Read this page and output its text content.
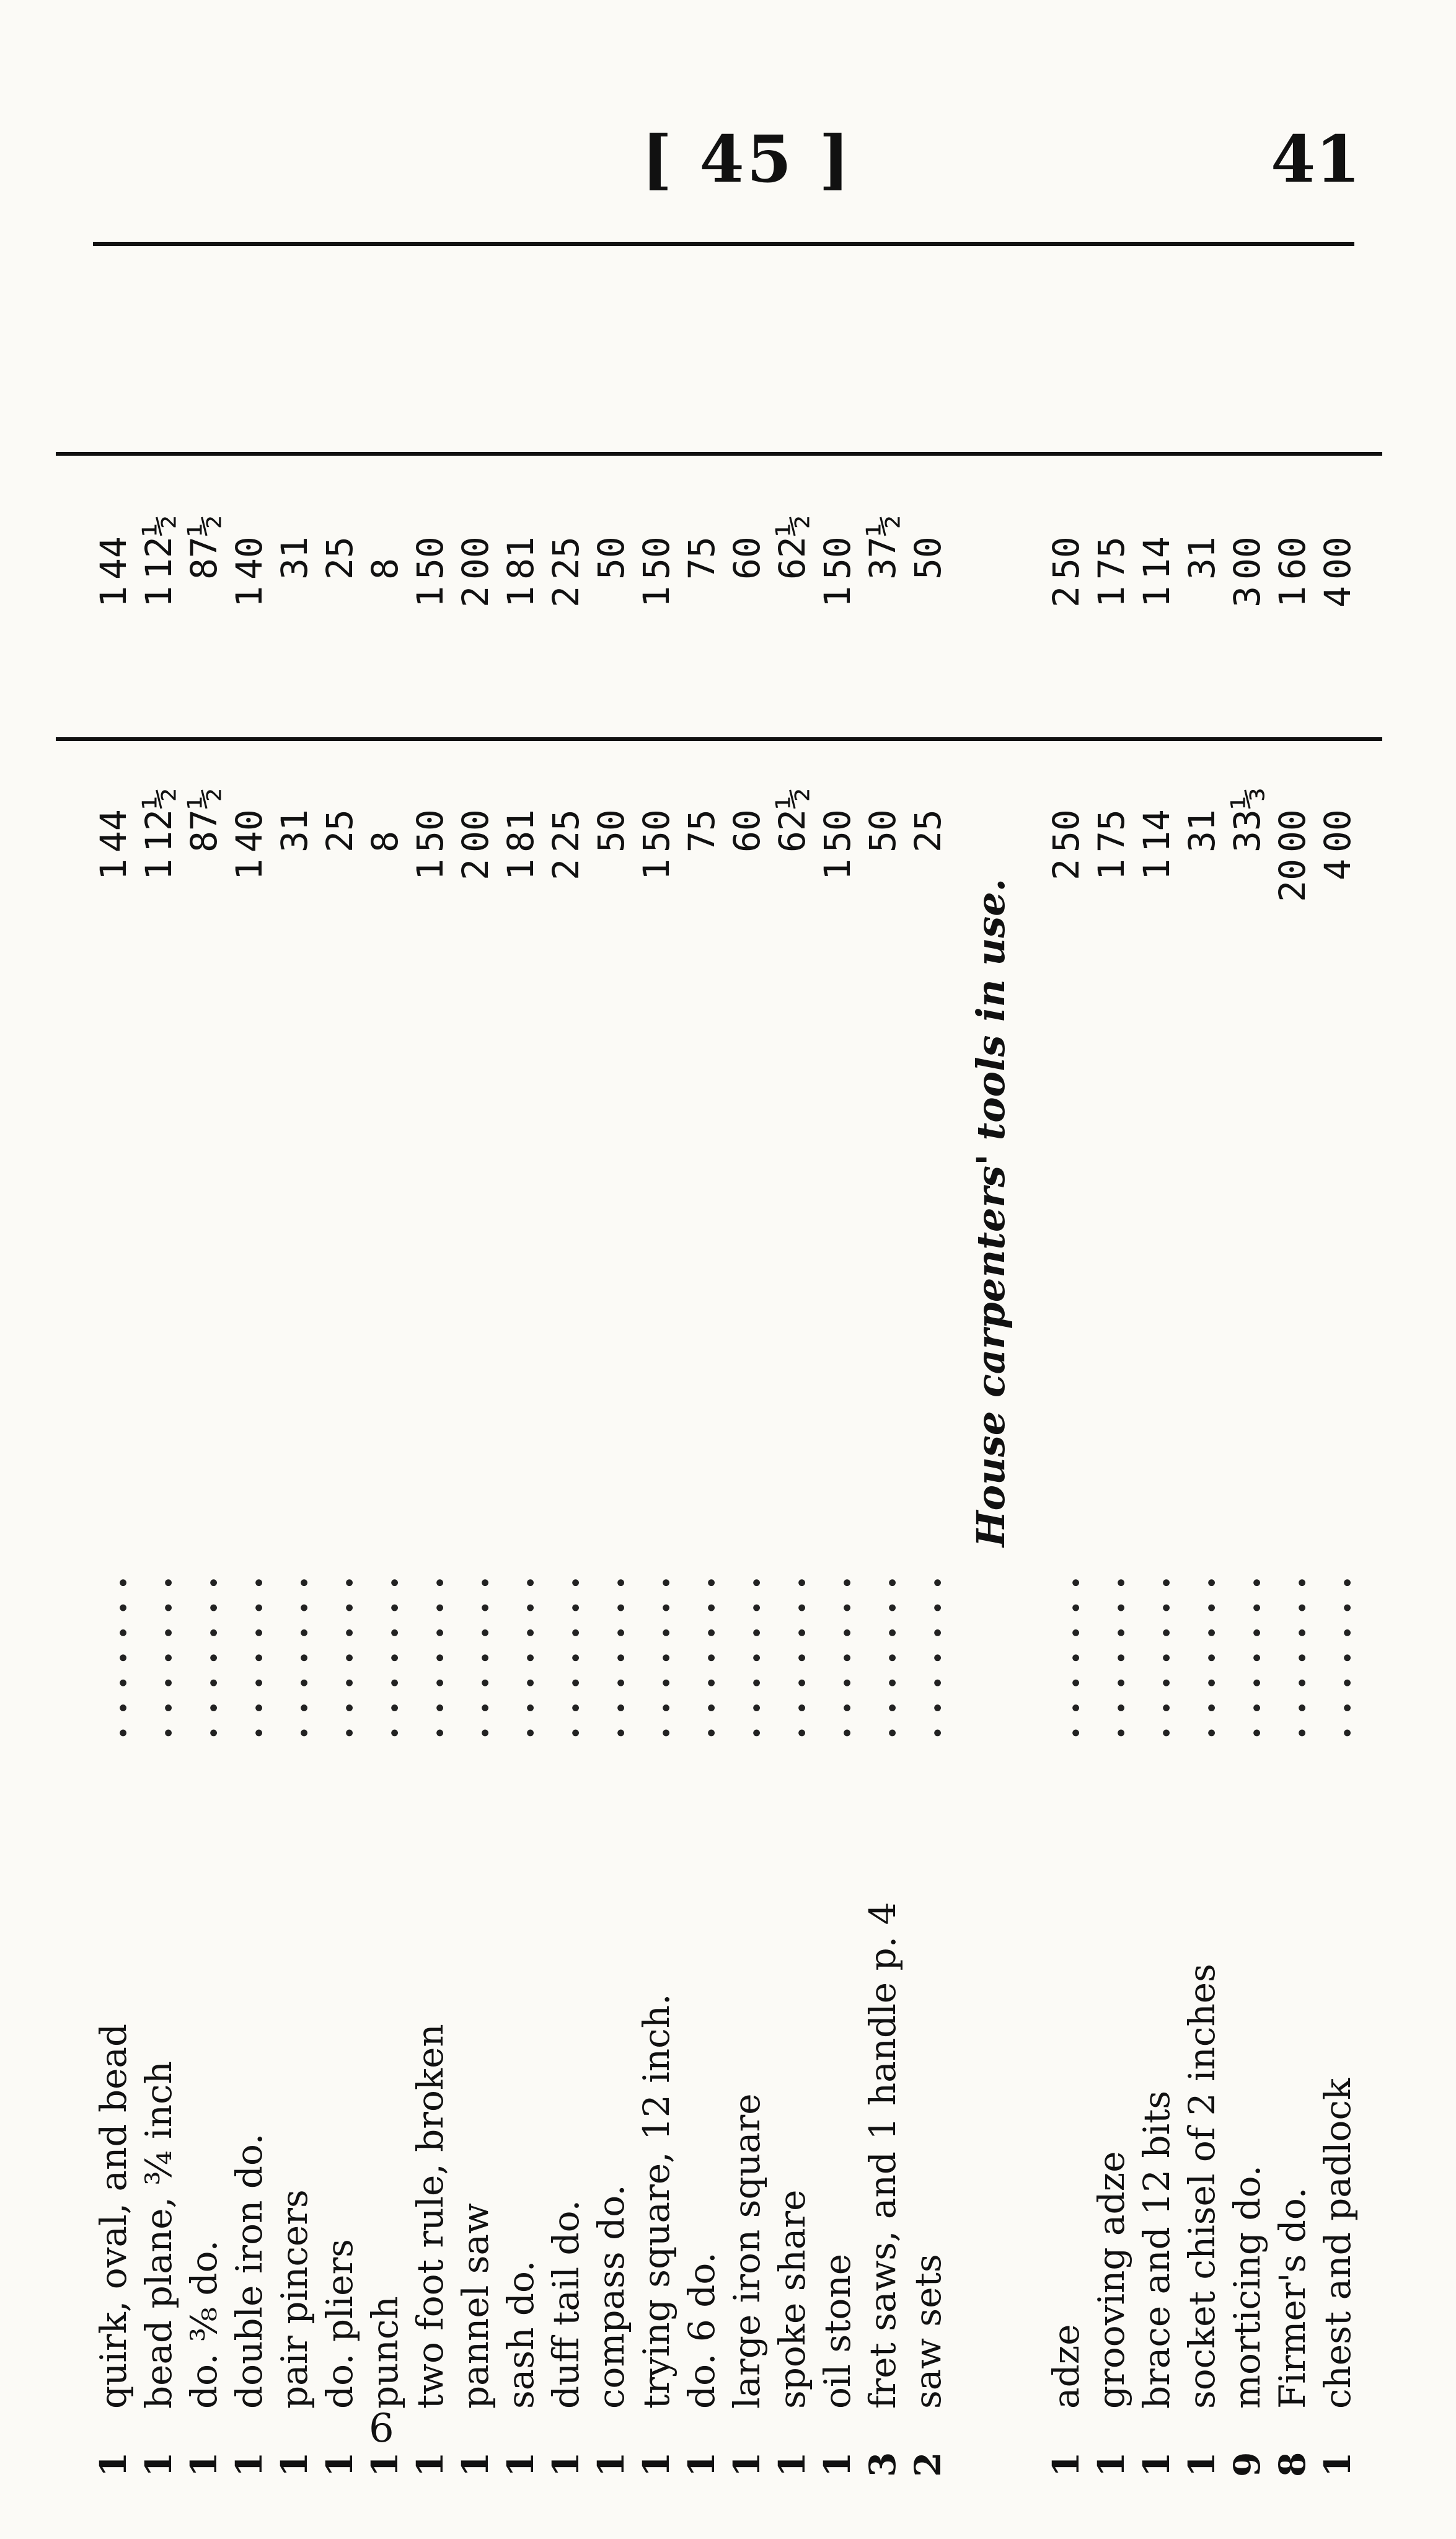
[ 45 ]	41
House carpenters' tools in use.
1
quirk, oval, and bead
. . . . . . .
1
44
1
44
1
bead plane, ¾ inch
. . . . . . .
1
12½
1
12½
1
do. ⅜ do.
. . . . . . .
87½
87½
1
double iron do.
. . . . . . .
1
40
1
40
1
pair pincers
. . . . . . .
31
31
1
do. pliers
. . . . . . .
25
25
1
punch
. . . . . . .
8
8
1
two foot rule, broken
. . . . . . .
1
50
1
50
1
pannel saw
. . . . . . .
2
00
2
00
1
sash do.
. . . . . . .
1
81
1
81
1
duff tail do.
. . . . . . .
2
25
2
25
1
compass do.
. . . . . . .
50
50
1
trying square, 12 inch.
. . . . . . .
1
50
1
50
1
do. 6 do.
. . . . . . .
75
75
1
large iron square
. . . . . . .
60
60
1
spoke share
. . . . . . .
62½
62½
1
oil stone
. . . . . . .
1
50
1
50
3
fret saws, and 1 handle p. 4
. . . . . . .
50
37½
2
saw sets
. . . . . . .
25
50
1
adze
. . . . . . .
2
50
2
50
1
grooving adze
. . . . . . .
1
75
1
75
1
brace and 12 bits
. . . . . . .
1
14
1
14
1
socket chisel of 2 inches
. . . . . . .
31
31
9
morticing do.
. . . . . . .
33⅓
3
00
8
Firmer's do.
. . . . . . .
20
00
1
60
1
chest and padlock
. . . . . . .
4
00
4
00
6
